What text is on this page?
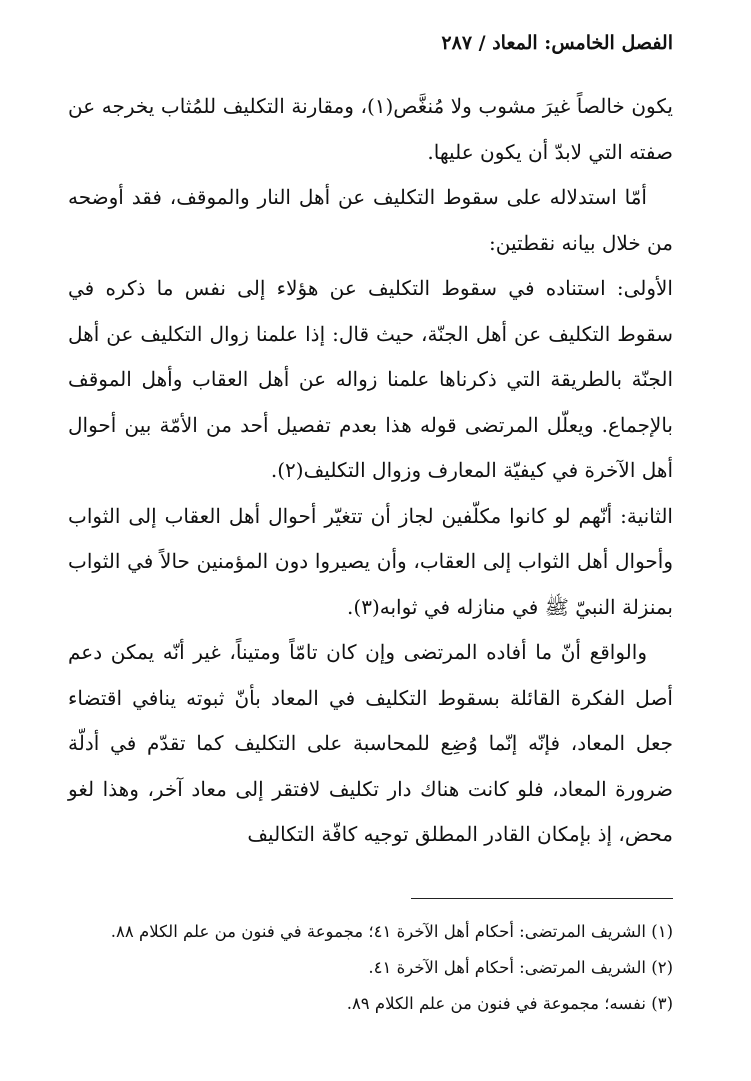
الفصل الخامس: المعاد / ٢٨٧

يكون خالصاً غيرَ مشوب ولا مُنغَّص(١)، ومقارنة التكليف للمُثاب يخرجه عن صفته التي لابدّ أن يكون عليها.

أمّا استدلاله على سقوط التكليف عن أهل النار والموقف، فقد أوضحه من خلال بيانه نقطتين:

الأولى: استناده في سقوط التكليف عن هؤلاء إلى نفس ما ذكره في سقوط التكليف عن أهل الجنّة، حيث قال: إذا علمنا زوال التكليف عن أهل الجنّة بالطريقة التي ذكرناها علمنا زواله عن أهل العقاب وأهل الموقف بالإجماع. ويعلّل المرتضى قوله هذا بعدم تفصيل أحد من الأمّة بين أحوال أهل الآخرة في كيفيّة المعارف وزوال التكليف(٢).

الثانية: أنّهم لو كانوا مكلّفين لجاز أن تتغيّر أحوال أهل العقاب إلى الثواب وأحوال أهل الثواب إلى العقاب، وأن يصيروا دون المؤمنين حالاً في الثواب بمنزلة النبيّ ﷺ في منازله في ثوابه(٣).

والواقع أنّ ما أفاده المرتضى وإن كان تامّاً ومتيناً، غير أنّه يمكن دعم أصل الفكرة القائلة بسقوط التكليف في المعاد بأنّ ثبوته ينافي اقتضاء جعل المعاد، فإنّه إنّما وُضِع للمحاسبة على التكليف كما تقدّم في أدلّة ضرورة المعاد، فلو كانت هناك دار تكليف لافتقر إلى معاد آخر، وهذا لغو محض، إذ بإمكان القادر المطلق توجيه كافّة التكاليف

(١) الشريف المرتضى: أحكام أهل الآخرة ٤١؛ مجموعة في فنون من علم الكلام ٨٨.

(٢) الشريف المرتضى: أحكام أهل الآخرة ٤١.

(٣) نفسه؛ مجموعة في فنون من علم الكلام ٨٩.
